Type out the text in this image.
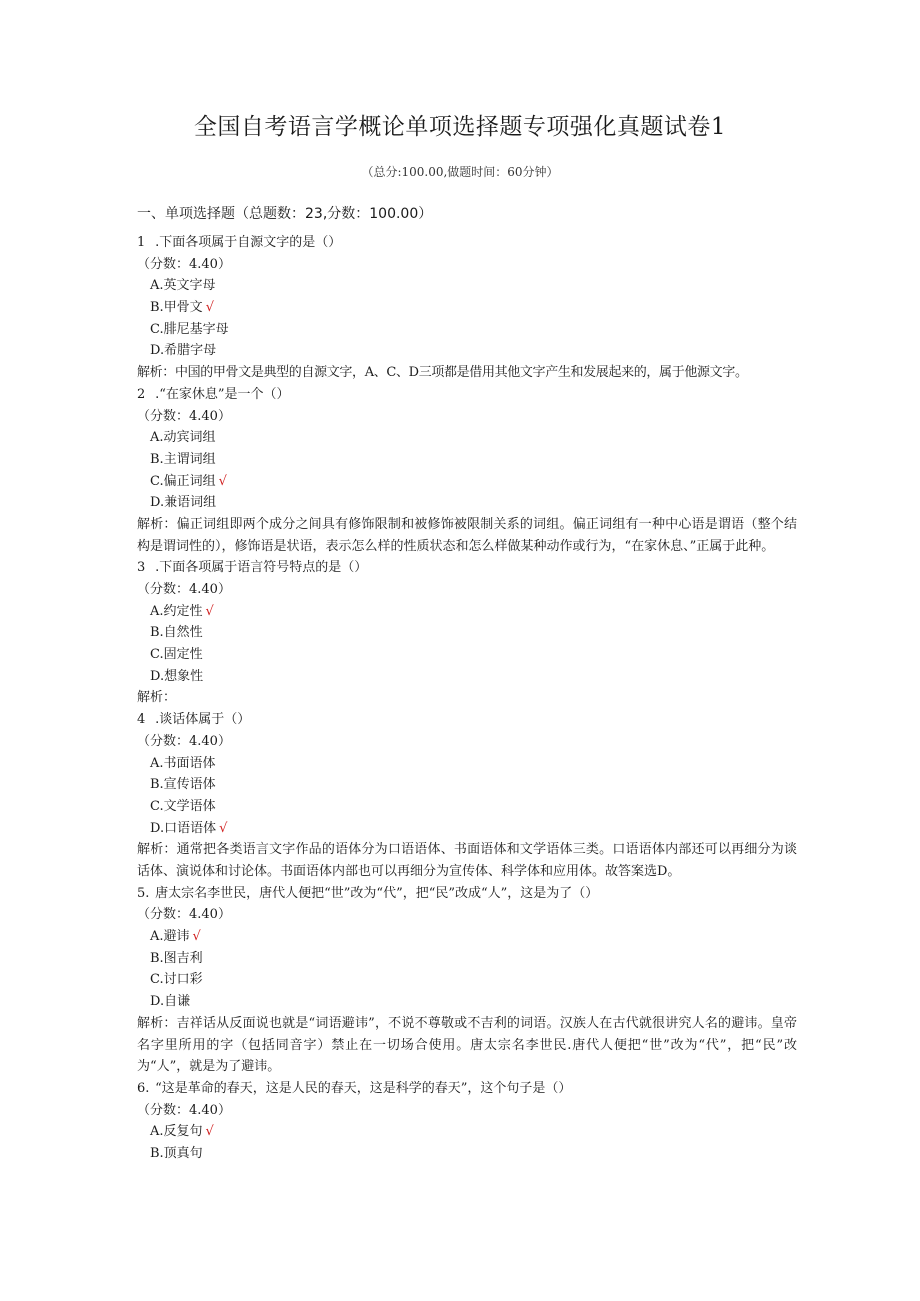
全国自考语言学概论单项选择题专项强化真题试卷1
（总分:100.00,做题时间：60分钟）
一、单项选择题（总题数：23,分数：100.00）
1 .下面各项属于自源文字的是（）
（分数：4.40）
A.英文字母
B.甲骨文 √
C.腓尼基字母
D.希腊字母
解析：中国的甲骨文是典型的自源文字，A、C、D三项都是借用其他文字产生和发展起来的，属于他源文字。
2 .“在家休息”是一个（）
（分数：4.40）
A.动宾词组
B.主谓词组
C.偏正词组 √
D.兼语词组
解析：偏正词组即两个成分之间具有修饰限制和被修饰被限制关系的词组。偏正词组有一种中心语是谓语（整个结构是谓词性的），修饰语是状语，表示怎么样的性质状态和怎么样做某种动作或行为，“在家休息、”正属于此种。
3 .下面各项属于语言符号特点的是（）
（分数：4.40）
A.约定性 √
B.自然性
C.固定性
D.想象性
解析：
4 .谈话体属于（）
（分数：4.40）
A.书面语体
B.宣传语体
C.文学语体
D.口语语体 √
解析：通常把各类语言文字作品的语体分为口语语体、书面语体和文学语体三类。口语语体内部还可以再细分为谈话体、演说体和讨论体。书面语体内部也可以再细分为宣传体、科学体和应用体。故答案选D。
5. 唐太宗名李世民，唐代人便把“世”改为“代”，把“民”改成“人”，这是为了（）
（分数：4.40）
A.避讳 √
B.图吉利
C.讨口彩
D.自谦
解析：吉祥话从反面说也就是“词语避讳”，不说不尊敬或不吉利的词语。汉族人在古代就很讲究人名的避讳。皇帝名字里所用的字（包括同音字）禁止在一切场合使用。唐太宗名李世民.唐代人便把“世”改为“代”，把“民”改为“人”，就是为了避讳。
6. “这是革命的春天，这是人民的春天，这是科学的春天”，这个句子是（）
（分数：4.40）
A.反复句 √
B.顶真句
